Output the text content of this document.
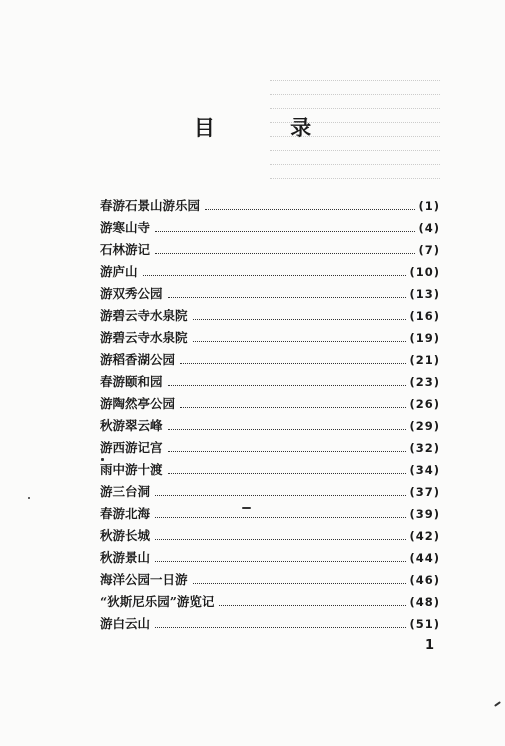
目 录
春游石景山游乐园	(1)
游寒山寺	(4)
石林游记	(7)
游庐山	(10)
游双秀公园	(13)
游碧云寺水泉院	(16)
游碧云寺水泉院	(19)
游稻香湖公园	(21)
春游颐和园	(23)
游陶然亭公园	(26)
秋游翠云峰	(29)
游西游记宫	(32)
雨中游十渡	(34)
游三台洞	(37)
春游北海	(39)
秋游长城	(42)
秋游景山	(44)
海洋公园一日游	(46)
“狄斯尼乐园”游览记	(48)
游白云山	(51)
1
